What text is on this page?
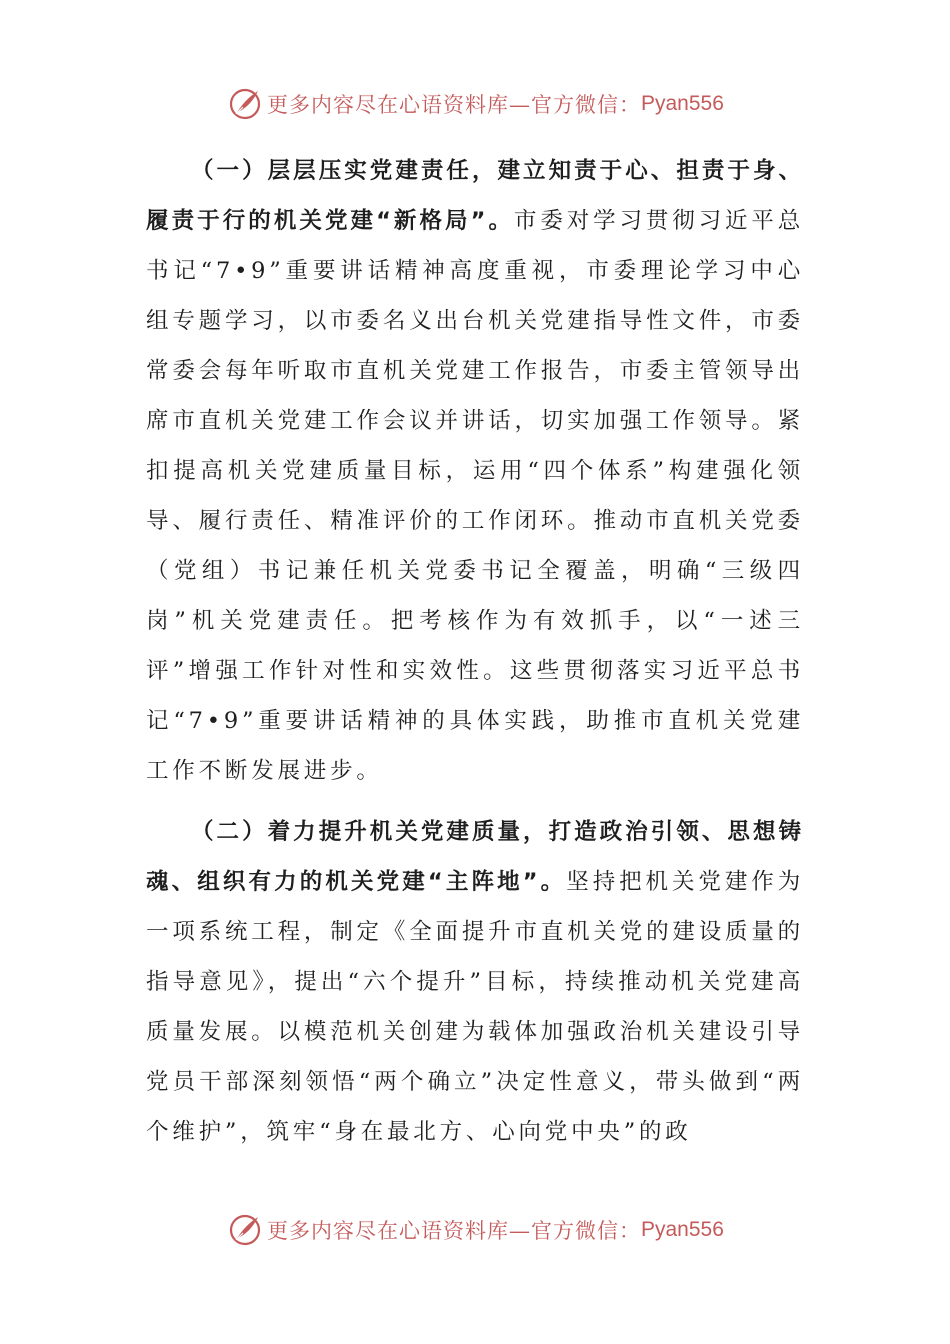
更多内容尽在心语资料库—官方微信： Pyan556

（一）层层压实党建责任，建立知责于心、担责于身、履责于行的机关党建“新格局”。市委对学习贯彻习近平总书记“7•9”重要讲话精神高度重视，市委理论学习中心组专题学习，以市委名义出台机关党建指导性文件，市委常委会每年听取市直机关党建工作报告，市委主管领导出席市直机关党建工作会议并讲话，切实加强工作领导。紧扣提高机关党建质量目标，运用“四个体系”构建强化领导、履行责任、精准评价的工作闭环。推动市直机关党委（党组）书记兼任机关党委书记全覆盖，明确“三级四岗”机关党建责任。把考核作为有效抓手，以“一述三评”增强工作针对性和实效性。这些贯彻落实习近平总书记“7•9”重要讲话精神的具体实践，助推市直机关党建工作不断发展进步。

（二）着力提升机关党建质量，打造政治引领、思想铸魂、组织有力的机关党建“主阵地”。坚持把机关党建作为一项系统工程，制定《全面提升市直机关党的建设质量的指导意见》，提出“六个提升”目标，持续推动机关党建高质量发展。以模范机关创建为载体加强政治机关建设引导党员干部深刻领悟“两个确立”决定性意义，带头做到“两个维护”，筑牢“身在最北方、心向党中央”的政

更多内容尽在心语资料库—官方微信： Pyan556
